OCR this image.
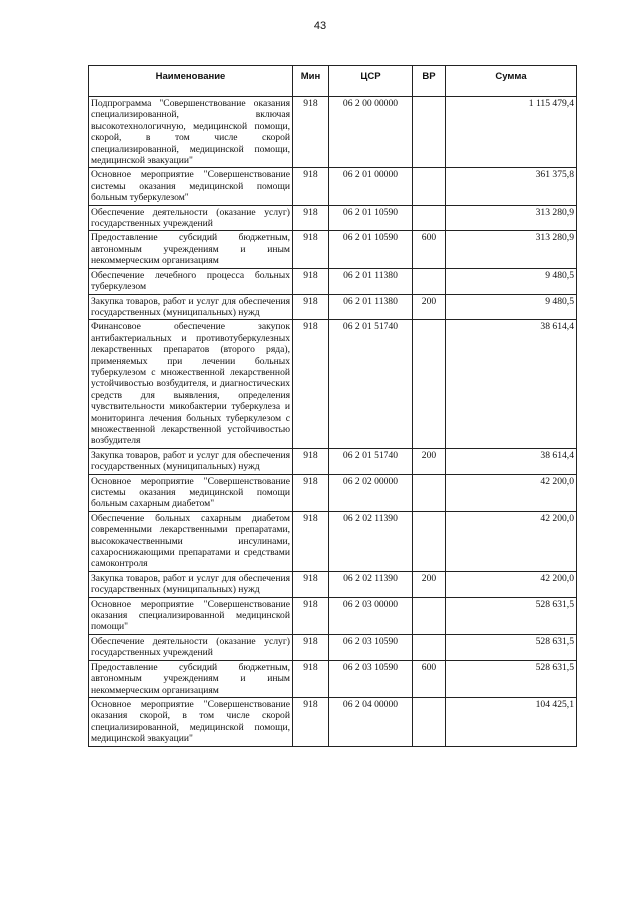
43
Наименование	Мин	ЦСР	ВР	Сумма
Подпрограмма "Совершенствование оказания специализированной, включая высокотехнологичную, медицинской помощи, скорой, в том числе скорой специализированной, медицинской помощи, медицинской эвакуации"	918	06 2 00 00000		1 115 479,4
Основное мероприятие "Совершенствование системы оказания медицинской помощи больным туберкулезом"	918	06 2 01 00000		361 375,8
Обеспечение деятельности (оказание услуг) государственных учреждений	918	06 2 01 10590		313 280,9
Предоставление субсидий бюджетным, автономным учреждениям и иным некоммерческим организациям	918	06 2 01 10590	600	313 280,9
Обеспечение лечебного процесса больных туберкулезом	918	06 2 01 11380		9 480,5
Закупка товаров, работ и услуг для обеспечения государственных (муниципальных) нужд	918	06 2 01 11380	200	9 480,5
Финансовое обеспечение закупок антибактериальных и противотуберкулезных лекарственных препаратов (второго ряда), применяемых при лечении больных туберкулезом с множественной лекарственной устойчивостью возбудителя, и диагностических средств для выявления, определения чувствительности микобактерии туберкулеза и мониторинга лечения больных туберкулезом с множественной лекарственной устойчивостью возбудителя	918	06 2 01 51740		38 614,4
Закупка товаров, работ и услуг для обеспечения государственных (муниципальных) нужд	918	06 2 01 51740	200	38 614,4
Основное мероприятие "Совершенствование системы оказания медицинской помощи больным сахарным диабетом"	918	06 2 02 00000		42 200,0
Обеспечение больных сахарным диабетом современными лекарственными препаратами, высококачественными инсулинами, сахароснижающими препаратами и средствами самоконтроля	918	06 2 02 11390		42 200,0
Закупка товаров, работ и услуг для обеспечения государственных (муниципальных) нужд	918	06 2 02 11390	200	42 200,0
Основное мероприятие "Совершенствование оказания специализированной медицинской помощи"	918	06 2 03 00000		528 631,5
Обеспечение деятельности (оказание услуг) государственных учреждений	918	06 2 03 10590		528 631,5
Предоставление субсидий бюджетным, автономным учреждениям и иным некоммерческим организациям	918	06 2 03 10590	600	528 631,5
Основное мероприятие "Совершенствование оказания скорой, в том числе скорой специализированной, медицинской помощи, медицинской эвакуации"	918	06 2 04 00000		104 425,1
